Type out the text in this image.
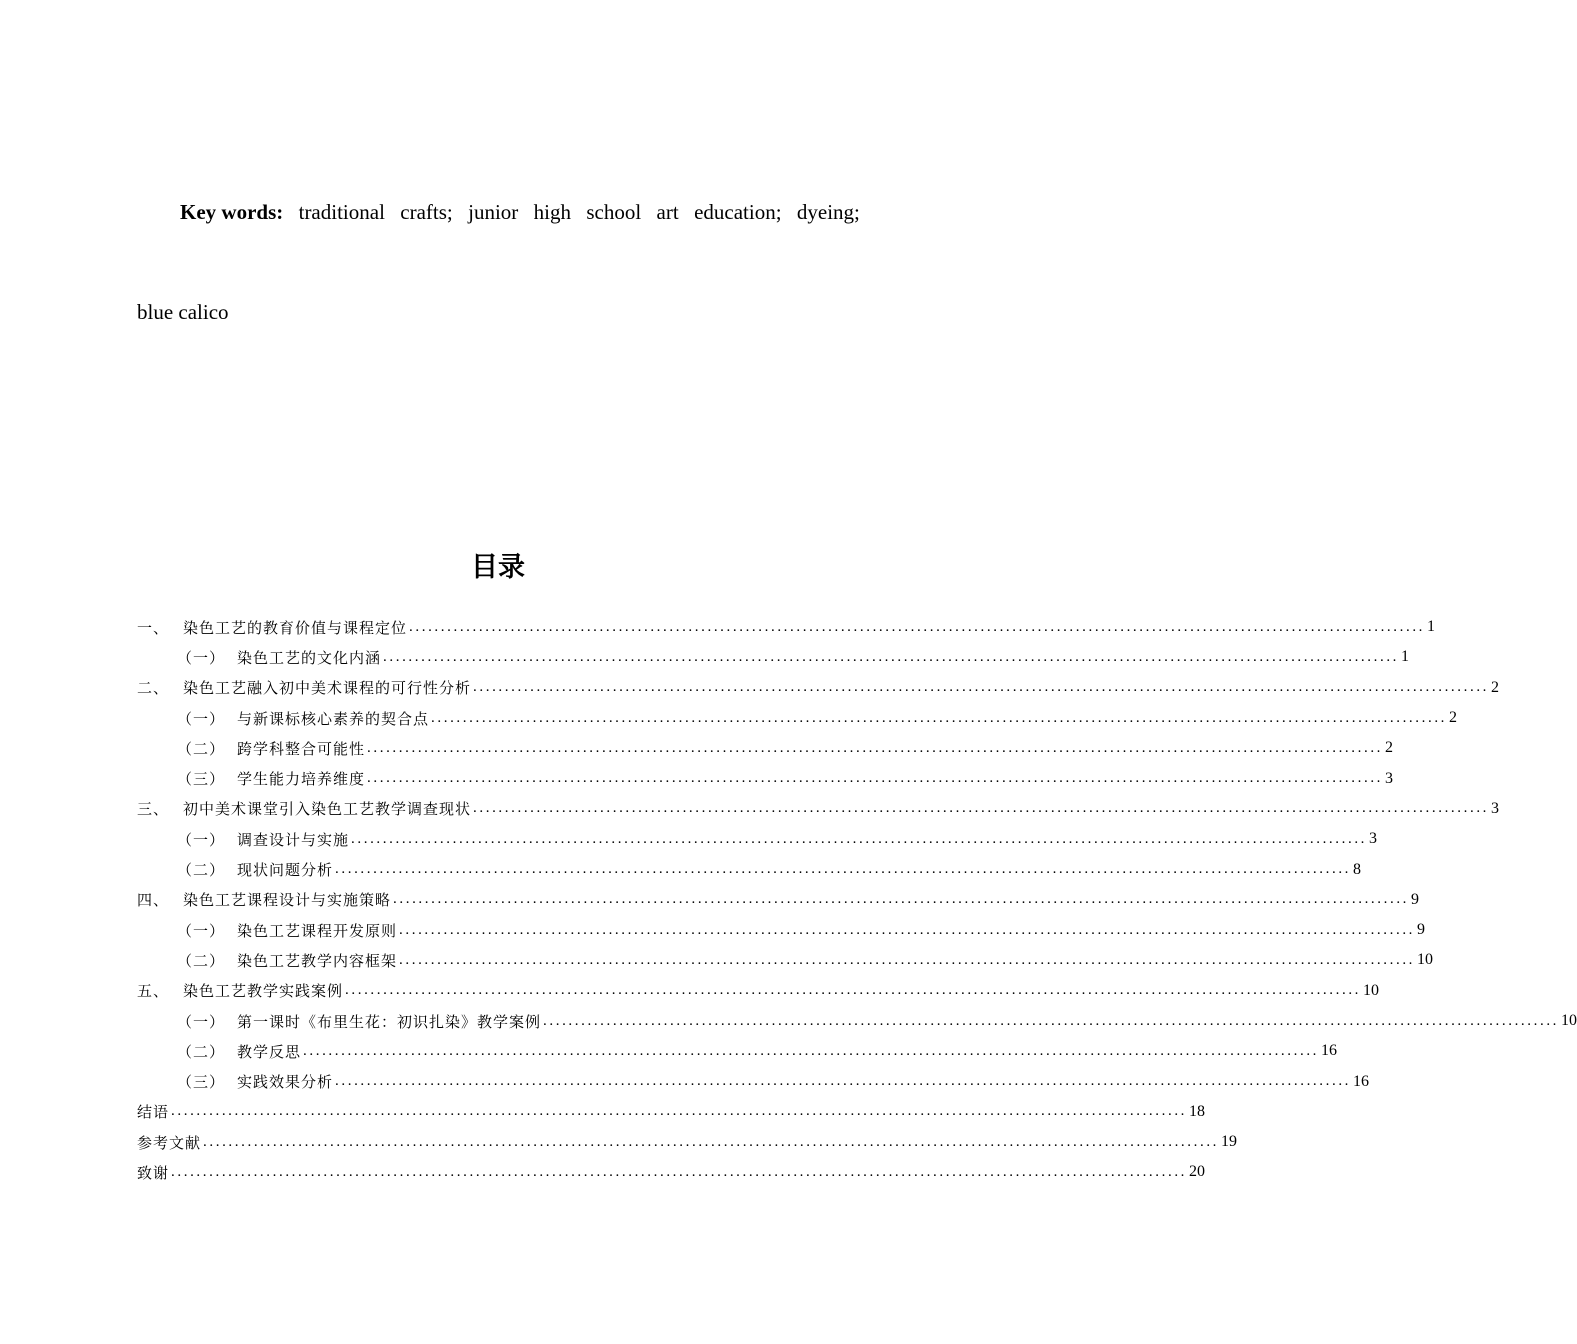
Key words: traditional crafts; junior high school art education; dyeing;
blue calico
目录
一、 染色工艺的教育价值与课程定位 ................................................................................................................................................................ 1
（一） 染色工艺的文化内涵 ................................................................................................................................................................ 1
二、 染色工艺融入初中美术课程的可行性分析 ................................................................................................................................................................ 2
（一） 与新课标核心素养的契合点 ................................................................................................................................................................ 2
（二） 跨学科整合可能性 ................................................................................................................................................................ 2
（三） 学生能力培养维度 ................................................................................................................................................................ 3
三、 初中美术课堂引入染色工艺教学调查现状 ................................................................................................................................................................ 3
（一） 调查设计与实施 ................................................................................................................................................................ 3
（二） 现状问题分析 ................................................................................................................................................................ 8
四、 染色工艺课程设计与实施策略 ................................................................................................................................................................ 9
（一） 染色工艺课程开发原则 ................................................................................................................................................................ 9
（二） 染色工艺教学内容框架 ................................................................................................................................................................ 10
五、 染色工艺教学实践案例 ................................................................................................................................................................ 10
（一） 第一课时《布里生花：初识扎染》教学案例 ................................................................................................................................................................ 10
（二） 教学反思 ................................................................................................................................................................ 16
（三） 实践效果分析 ................................................................................................................................................................ 16
结语 ................................................................................................................................................................ 18
参考文献 ................................................................................................................................................................ 19
致谢 ................................................................................................................................................................ 20
